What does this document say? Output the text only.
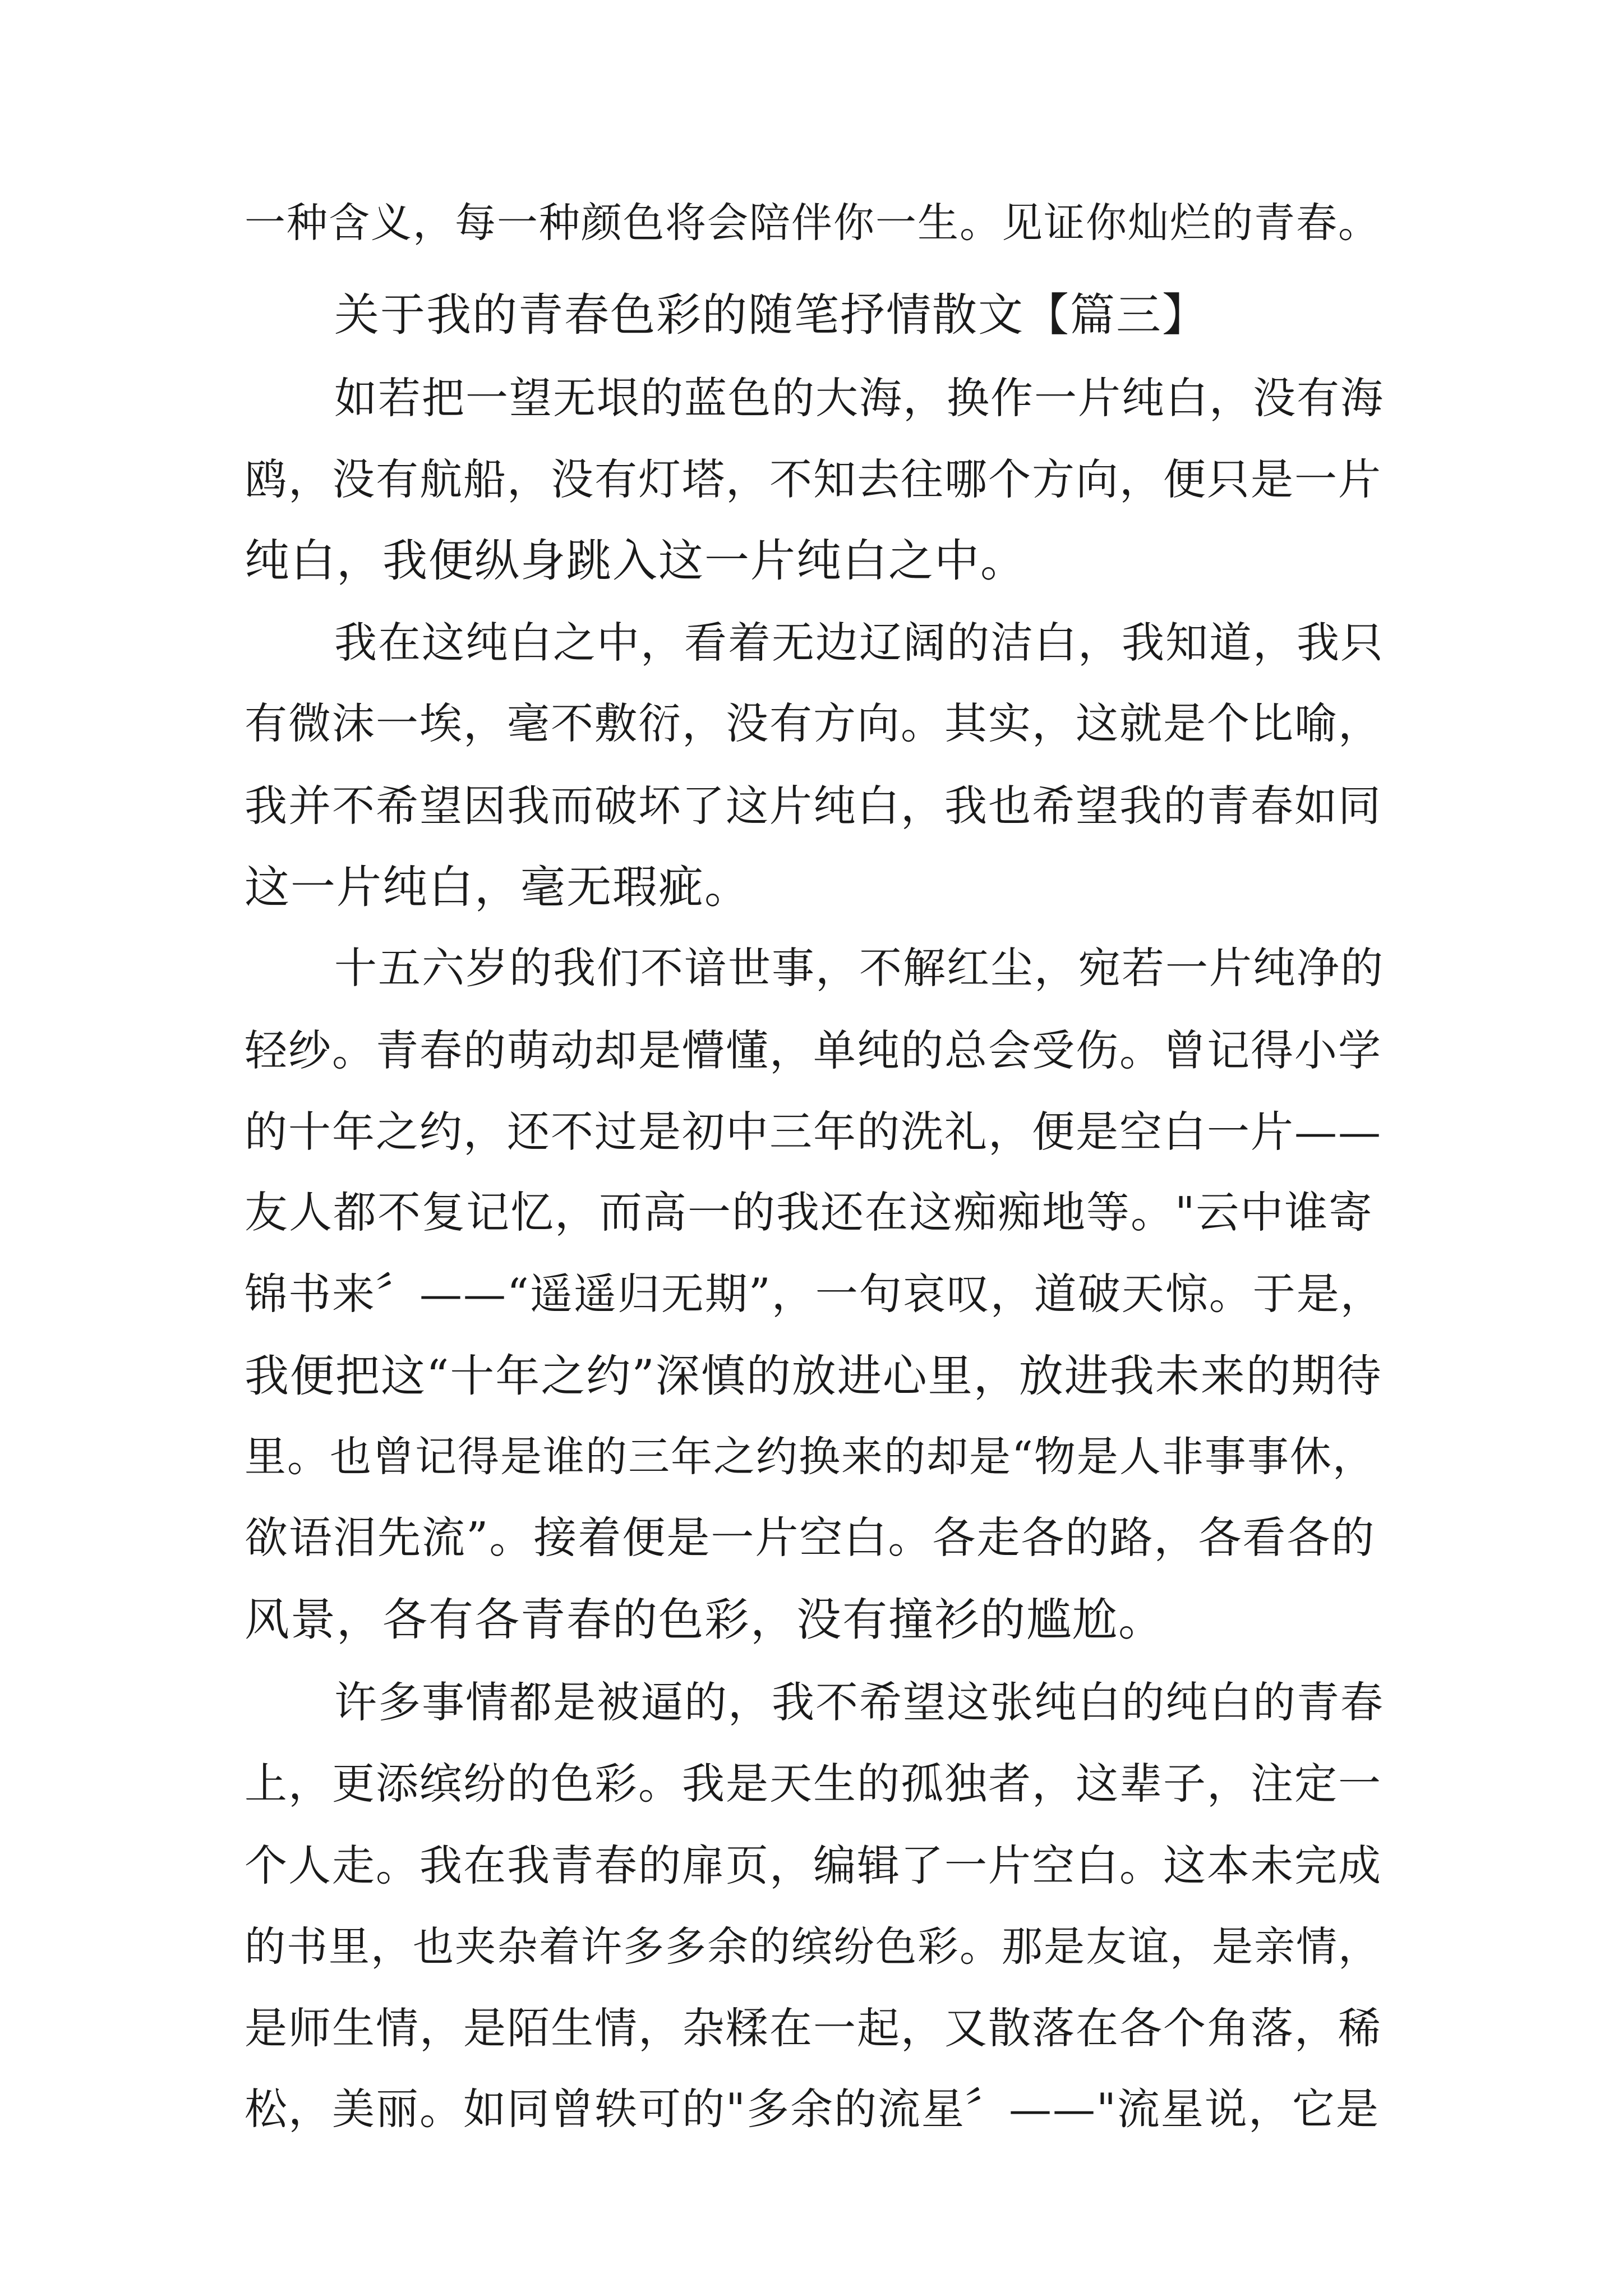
一种含义，每一种颜色将会陪伴你一生。见证你灿烂的青春。
关于我的青春色彩的随笔抒情散文【篇三】
如若把一望无垠的蓝色的大海，换作一片纯白，没有海
鸥，没有航船，没有灯塔，不知去往哪个方向，便只是一片
纯白，我便纵身跳入这一片纯白之中。
我在这纯白之中，看着无边辽阔的洁白，我知道，我只
有微沫一埃，毫不敷衍，没有方向。其实，这就是个比喻，
我并不希望因我而破坏了这片纯白，我也希望我的青春如同
这一片纯白，毫无瑕疵。
十五六岁的我们不谙世事，不解红尘，宛若一片纯净的
轻纱。青春的萌动却是懵懂，单纯的总会受伤。曾记得小学
的十年之约，还不过是初中三年的洗礼，便是空白一片——
友人都不复记忆，而高一的我还在这痴痴地等。"云中谁寄
锦书来〞——“遥遥归无期”，一句哀叹，道破天惊。于是，
我便把这“十年之约”深慎的放进心里，放进我未来的期待
里。也曾记得是谁的三年之约换来的却是“物是人非事事休，
欲语泪先流”。接着便是一片空白。各走各的路，各看各的
风景，各有各青春的色彩，没有撞衫的尴尬。
许多事情都是被逼的，我不希望这张纯白的纯白的青春
上，更添缤纷的色彩。我是天生的孤独者，这辈子，注定一
个人走。我在我青春的扉页，编辑了一片空白。这本未完成
的书里，也夹杂着许多多余的缤纷色彩。那是友谊，是亲情，
是师生情，是陌生情，杂糅在一起，又散落在各个角落，稀
松，美丽。如同曾轶可的"多余的流星〞——"流星说，它是
